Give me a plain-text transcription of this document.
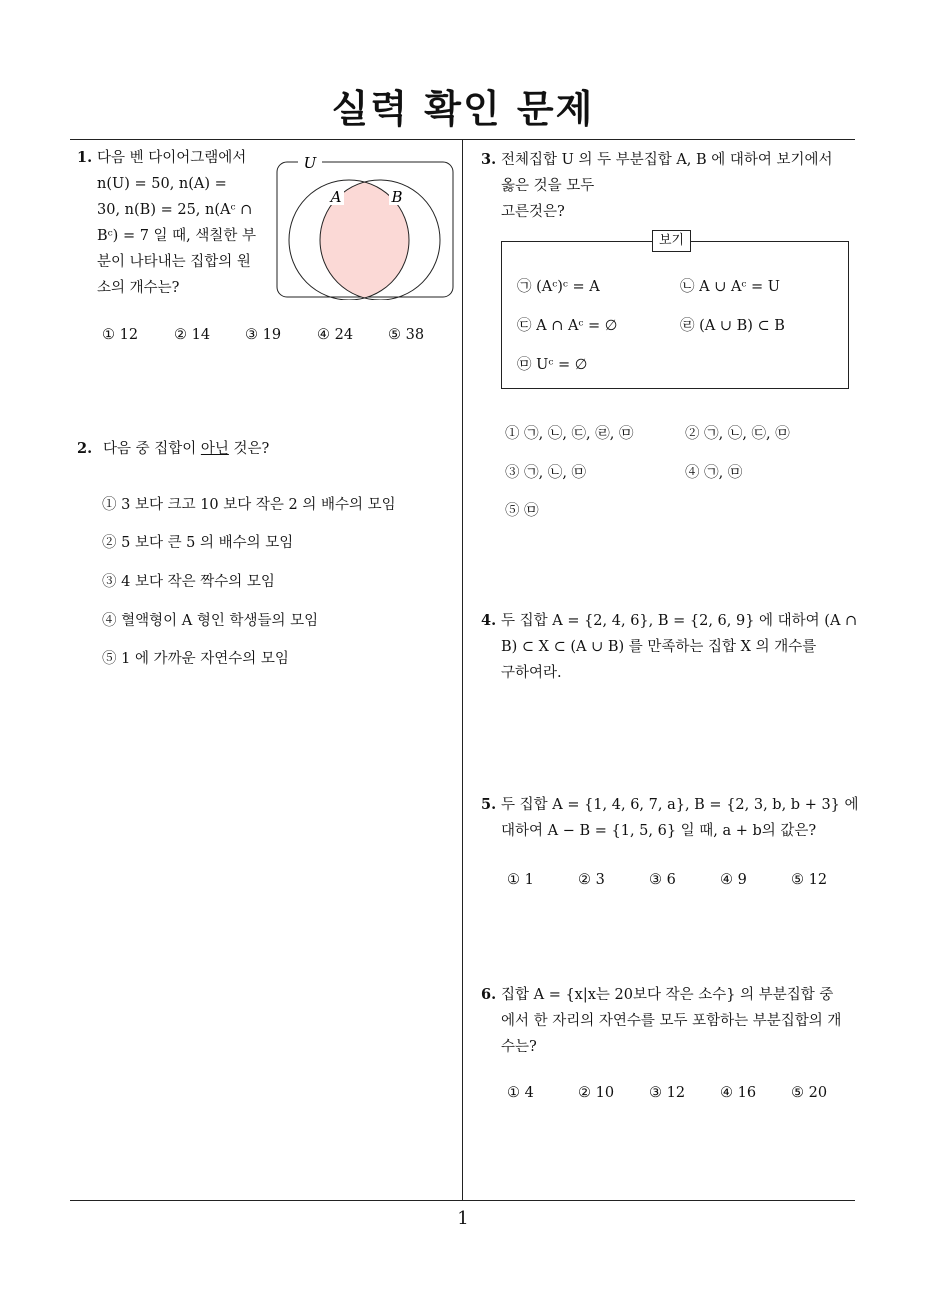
실력 확인 문제
1. 다음 벤 다이어그램에서
n(U) = 50, n(A) =
30, n(B) = 25, n(Aᶜ ∩
Bᶜ) = 7 일 때, 색칠한 부
분이 나타내는 집합의 원
소의 개수는?
U
A	B
① 12 ② 14 ③ 19 ④ 24 ⑤ 38
2. 다음 중 집합이 아닌 것은?
① 3 보다 크고 10 보다 작은 2 의 배수의 모임
② 5 보다 큰 5 의 배수의 모임
③ 4 보다 작은 짝수의 모임
④ 혈액형이 A 형인 학생들의 모임
⑤ 1 에 가까운 자연수의 모임
3. 전체집합 U 의 두 부분집합 A, B 에 대하여 보기에서
옳은 것을 모두
고른것은?
보기
㉠ (Aᶜ)ᶜ = A	㉡ A ∪ Aᶜ = U
㉢ A ∩ Aᶜ = ∅	㉣ (A ∪ B) ⊂ B
㉤ Uᶜ = ∅
① ㉠, ㉡, ㉢, ㉣, ㉤	② ㉠, ㉡, ㉢, ㉤
③ ㉠, ㉡, ㉤	④ ㉠, ㉤
⑤ ㉤
4. 두 집합 A = {2, 4, 6}, B = {2, 6, 9} 에 대하여 (A ∩
B) ⊂ X ⊂ (A ∪ B) 를 만족하는 집합 X 의 개수를
구하여라.
5. 두 집합 A = {1, 4, 6, 7, a}, B = {2, 3, b, b + 3} 에
대하여 A − B = {1, 5, 6} 일 때, a + b의 값은?
① 1	② 3	③ 6	④ 9	⑤ 12
6. 집합 A = {x|x는 20보다 작은 소수} 의 부분집합 중
에서 한 자리의 자연수를 모두 포함하는 부분집합의 개
수는?
① 4	② 10 ③ 12 ④ 16 ⑤ 20
1
